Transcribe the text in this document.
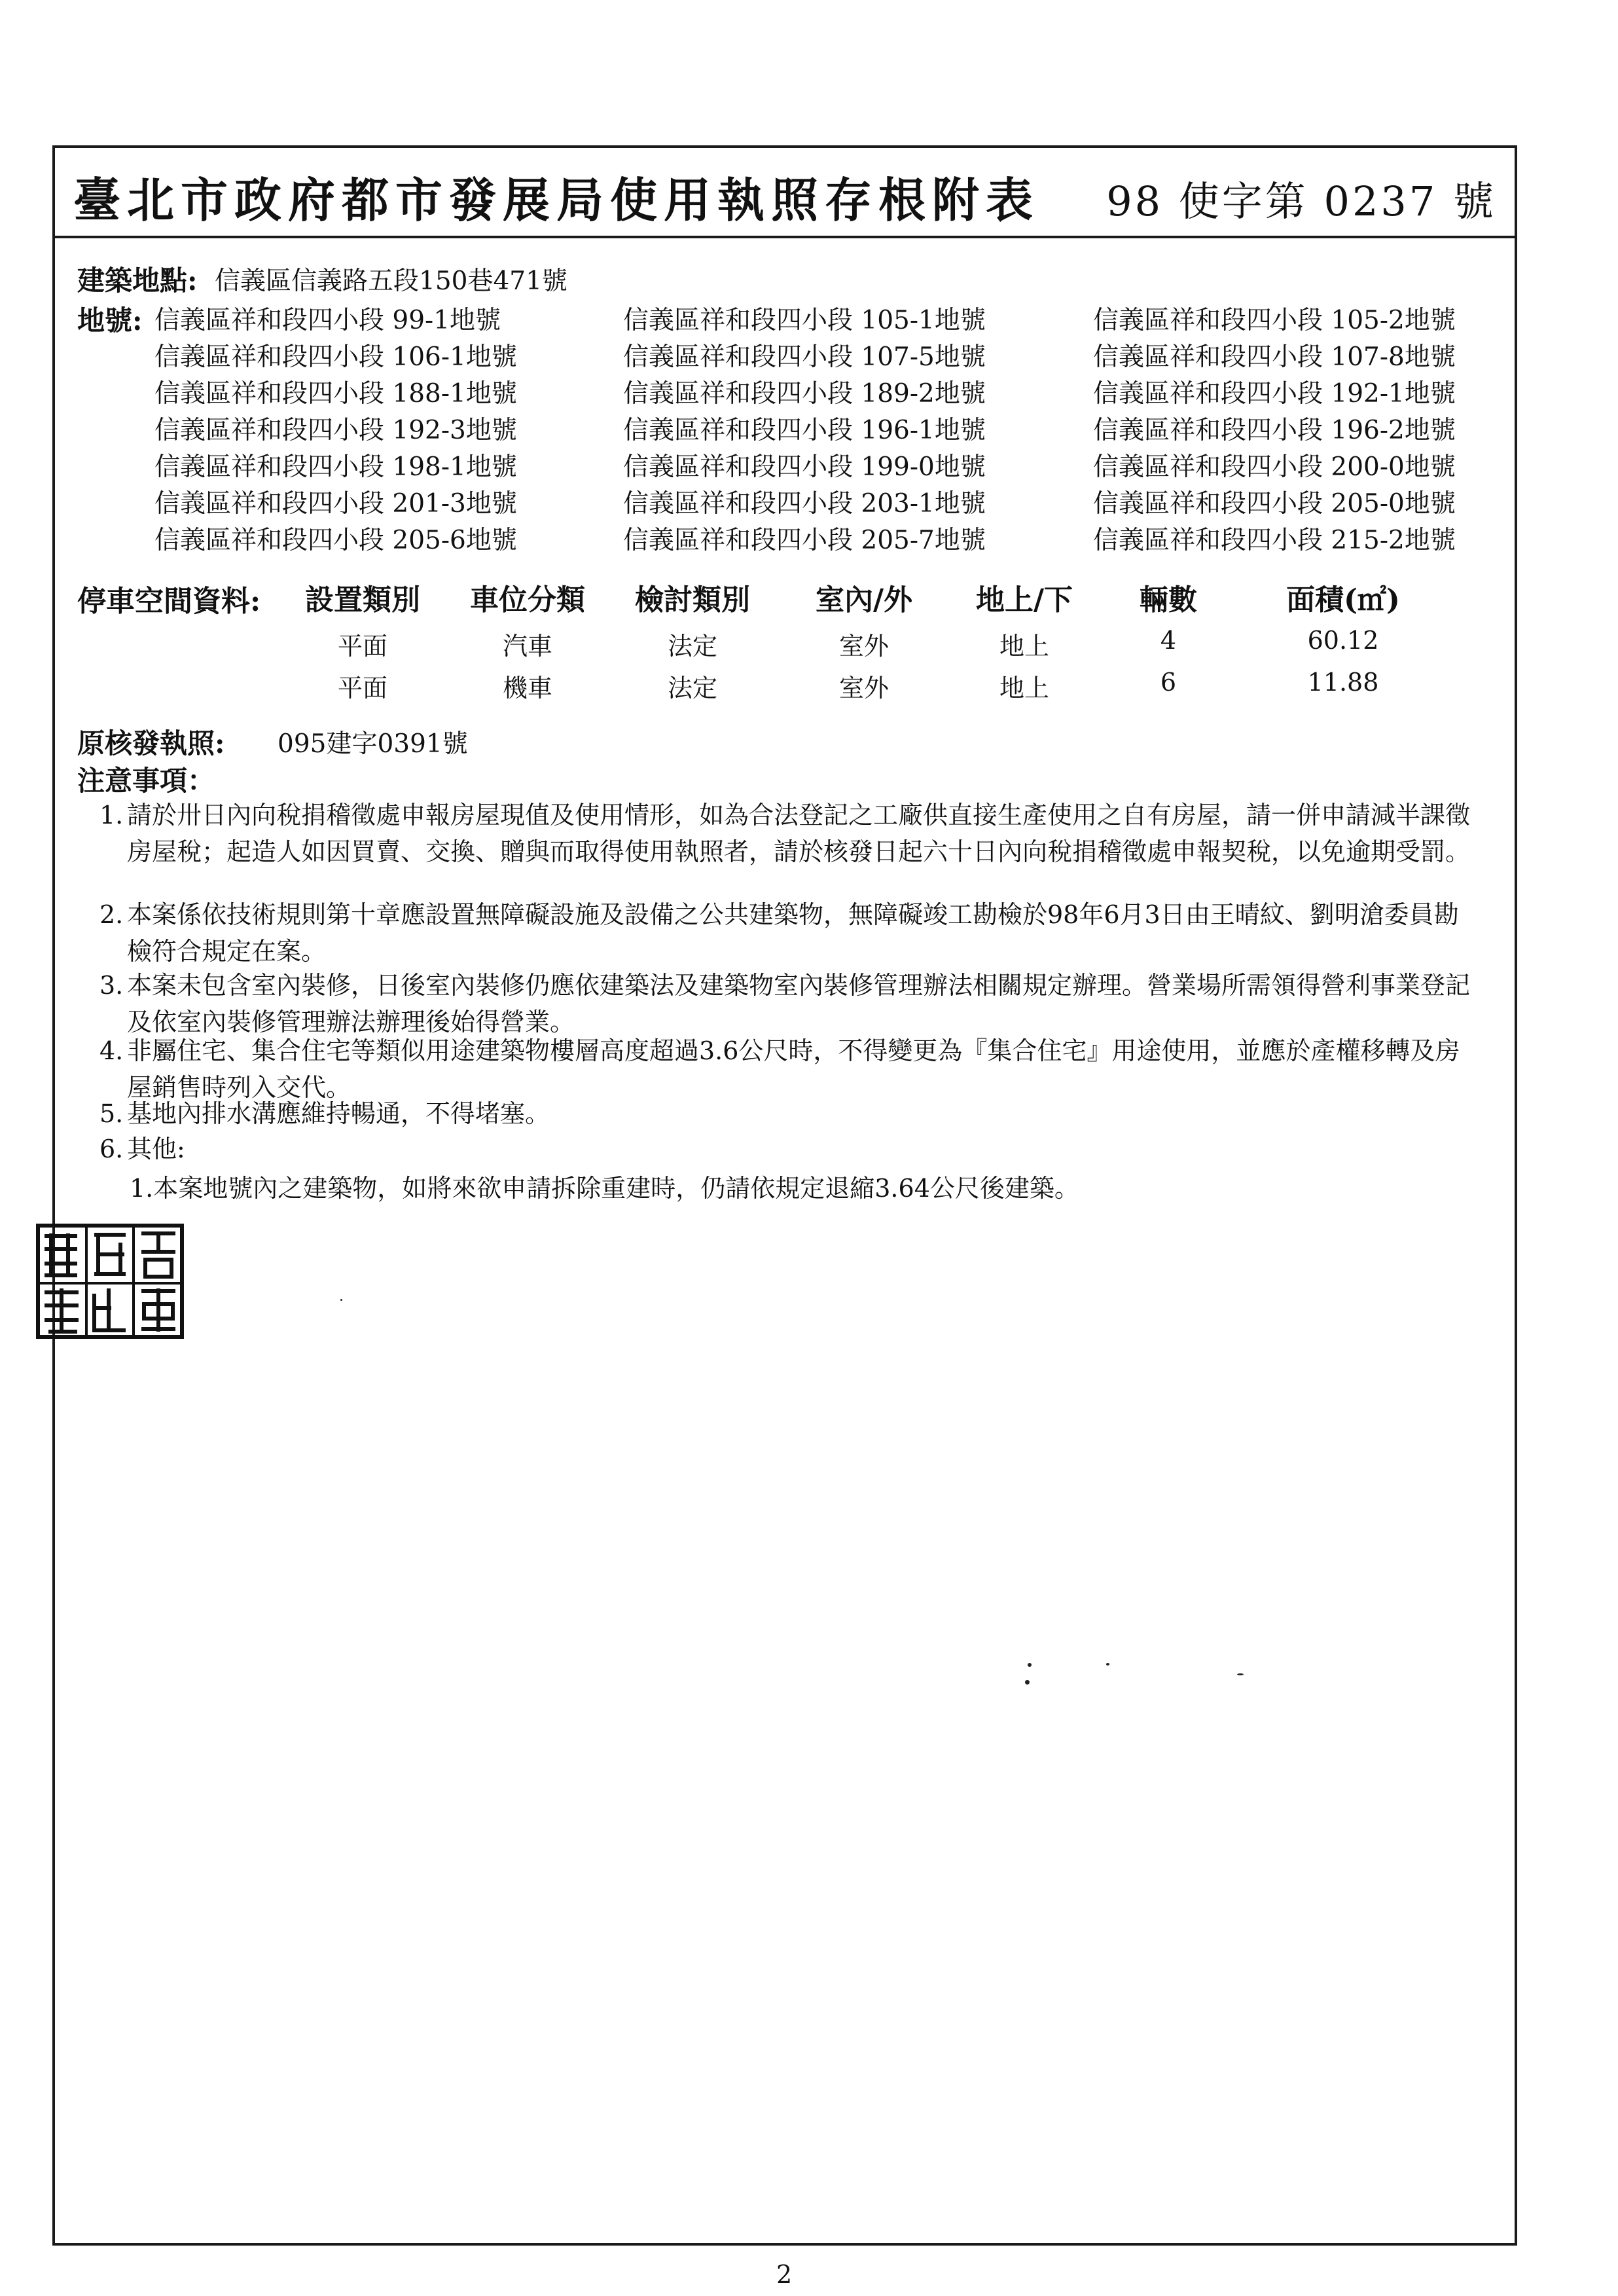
臺北市政府都市發展局使用執照存根附表 98 使字第 0237 號
建築地點: 信義區信義路五段150巷471號
地號: 信義區祥和段四小段 99-1地號	信義區祥和段四小段 105-1地號	信義區祥和段四小段 105-2地號
信義區祥和段四小段 106-1地號	信義區祥和段四小段 107-5地號	信義區祥和段四小段 107-8地號
信義區祥和段四小段 188-1地號	信義區祥和段四小段 189-2地號	信義區祥和段四小段 192-1地號
信義區祥和段四小段 192-3地號	信義區祥和段四小段 196-1地號	信義區祥和段四小段 196-2地號
信義區祥和段四小段 198-1地號	信義區祥和段四小段 199-0地號	信義區祥和段四小段 200-0地號
信義區祥和段四小段 201-3地號	信義區祥和段四小段 203-1地號	信義區祥和段四小段 205-0地號
信義區祥和段四小段 205-6地號	信義區祥和段四小段 205-7地號	信義區祥和段四小段 215-2地號
停車空間資料:	設置類別	車位分類	檢討類別	室內/外	地上/下	輛數	面積(㎡)
平面	汽車	法定	室外	地上	4	60.12
平面	機車	法定	室外	地上	6	11.88
原核發執照: 095建字0391號
注意事項：
1. 請於卅日內向稅捐稽徵處申報房屋現值及使用情形，如為合法登記之工廠供直接生產使用之自有房屋，請一併申請減半課徵房屋稅；起造人如因買賣、交換、贈與而取得使用執照者，請於核發日起六十日內向稅捐稽徵處申報契稅，以免逾期受罰。
2. 本案係依技術規則第十章應設置無障礙設施及設備之公共建築物，無障礙竣工勘檢於98年6月3日由王晴紋、劉明滄委員勘檢符合規定在案。
3. 本案未包含室內裝修，日後室內裝修仍應依建築法及建築物室內裝修管理辦法相關規定辦理。營業場所需領得營利事業登記及依室內裝修管理辦法辦理後始得營業。
4. 非屬住宅、集合住宅等類似用途建築物樓層高度超過3.6公尺時，不得變更為『集合住宅』用途使用，並應於產權移轉及房屋銷售時列入交代。
5. 基地內排水溝應維持暢通，不得堵塞。
6. 其他:
1.本案地號內之建築物，如將來欲申請拆除重建時，仍請依規定退縮3.64公尺後建築。
2
